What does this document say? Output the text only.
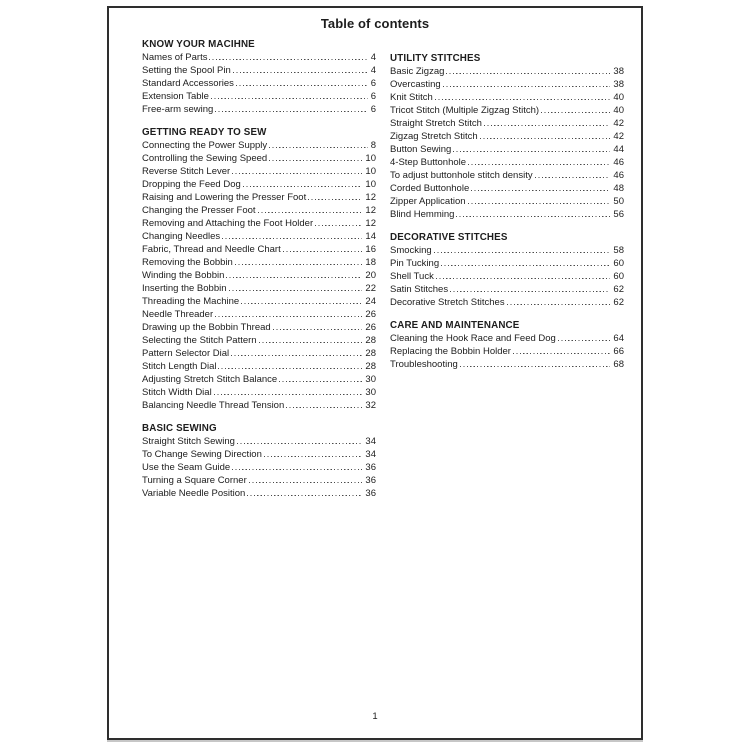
Table of contents
KNOW YOUR MACIHNE
Names of Parts	4
Setting the Spool Pin	4
Standard Accessories	6
Extension Table	6
Free-arm sewing	6
GETTING READY TO SEW
Connecting the Power Supply	8
Controlling the Sewing Speed	10
Reverse Stitch Lever	10
Dropping the Feed Dog	10
Raising and Lowering the Presser Foot	12
Changing the Presser Foot	12
Removing and Attaching the Foot Holder	12
Changing Needles	14
Fabric, Thread and Needle Chart	16
Removing the Bobbin	18
Winding the Bobbin	20
Inserting the Bobbin	22
Threading the Machine	24
Needle Threader	26
Drawing up the Bobbin Thread	26
Selecting the Stitch Pattern	28
Pattern Selector Dial	28
Stitch Length Dial	28
Adjusting Stretch Stitch Balance	30
Stitch Width Dial	30
Balancing Needle Thread Tension	32
BASIC SEWING
Straight Stitch Sewing	34
To Change Sewing Direction	34
Use the Seam Guide	36
Turning a Square Corner	36
Variable Needle Position	36
UTILITY STITCHES
Basic Zigzag	38
Overcasting	38
Knit Stitch	40
Tricot Stitch (Multiple Zigzag Stitch)	40
Straight Stretch Stitch	42
Zigzag Stretch Stitch	42
Button Sewing	44
4-Step Buttonhole	46
To adjust buttonhole stitch density	46
Corded Buttonhole	48
Zipper Application	50
Blind Hemming	56
DECORATIVE STITCHES
Smocking	58
Pin Tucking	60
Shell Tuck	60
Satin Stitches	62
Decorative Stretch Stitches	62
CARE AND MAINTENANCE
Cleaning the Hook Race and Feed Dog	64
Replacing the Bobbin Holder	66
Troubleshooting	68
1
